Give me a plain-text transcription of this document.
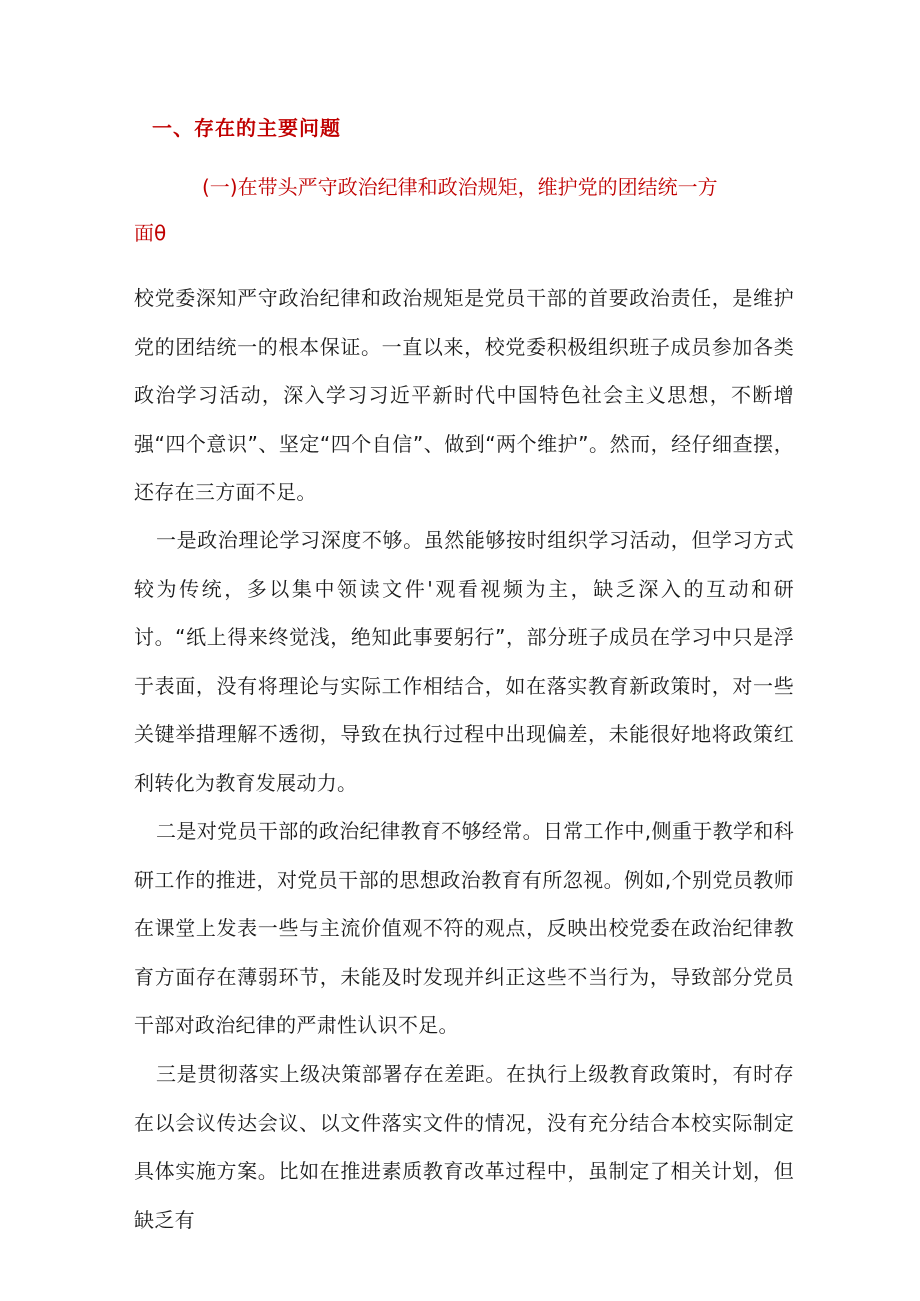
一、存在的主要问题
(一)在带头严守政治纪律和政治规矩，维护党的团结统一方
面θ

校党委深知严守政治纪律和政治规矩是党员干部的首要政治责任，是维护党的团结统一的根本保证。一直以来，校党委积极组织班子成员参加各类政治学习活动，深入学习习近平新时代中国特色社会主义思想，不断增强“四个意识”、坚定“四个自信”、做到“两个维护”。然而，经仔细查摆，还存在三方面不足。

一是政治理论学习深度不够。虽然能够按时组织学习活动，但学习方式较为传统，多以集中领读文件'观看视频为主，缺乏深入的互动和研讨。“纸上得来终觉浅，绝知此事要躬行”，部分班子成员在学习中只是浮于表面，没有将理论与实际工作相结合，如在落实教育新政策时，对一些关键举措理解不透彻，导致在执行过程中出现偏差，未能很好地将政策红利转化为教育发展动力。

二是对党员干部的政治纪律教育不够经常。日常工作中,侧重于教学和科研工作的推进，对党员干部的思想政治教育有所忽视。例如,个别党员教师在课堂上发表一些与主流价值观不符的观点，反映出校党委在政治纪律教育方面存在薄弱环节，未能及时发现并纠正这些不当行为，导致部分党员干部对政治纪律的严肃性认识不足。

三是贯彻落实上级决策部署存在差距。在执行上级教育政策时，有时存在以会议传达会议、以文件落实文件的情况，没有充分结合本校实际制定具体实施方案。比如在推进素质教育改革过程中，虽制定了相关计划，但缺乏有
